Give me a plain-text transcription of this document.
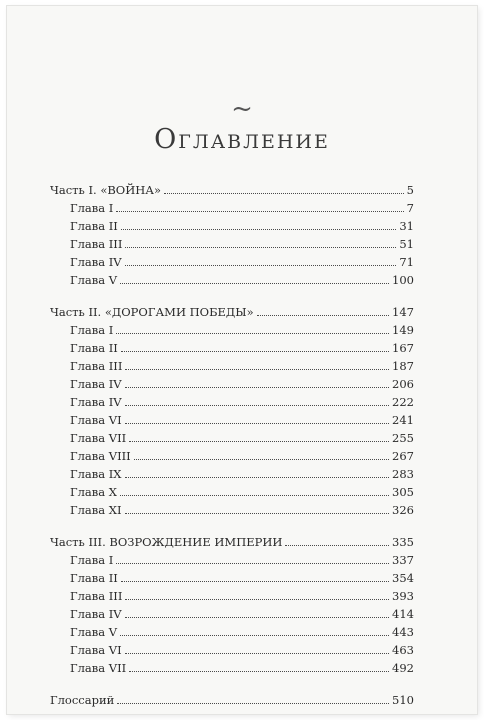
~
Оглавление
Часть I. «ВОЙНА»	5
Глава I	7
Глава II	31
Глава III	51
Глава IV	71
Глава V	100
Часть II. «ДОРОГАМИ ПОБЕДЫ»	147
Глава I	149
Глава II	167
Глава III	187
Глава IV	206
Глава IV	222
Глава VI	241
Глава VII	255
Глава VIII	267
Глава IX	283
Глава X	305
Глава XI	326
Часть III. ВОЗРОЖДЕНИЕ ИМПЕРИИ	335
Глава I	337
Глава II	354
Глава III	393
Глава IV	414
Глава V	443
Глава VI	463
Глава VII	492
Глоссарий	510
